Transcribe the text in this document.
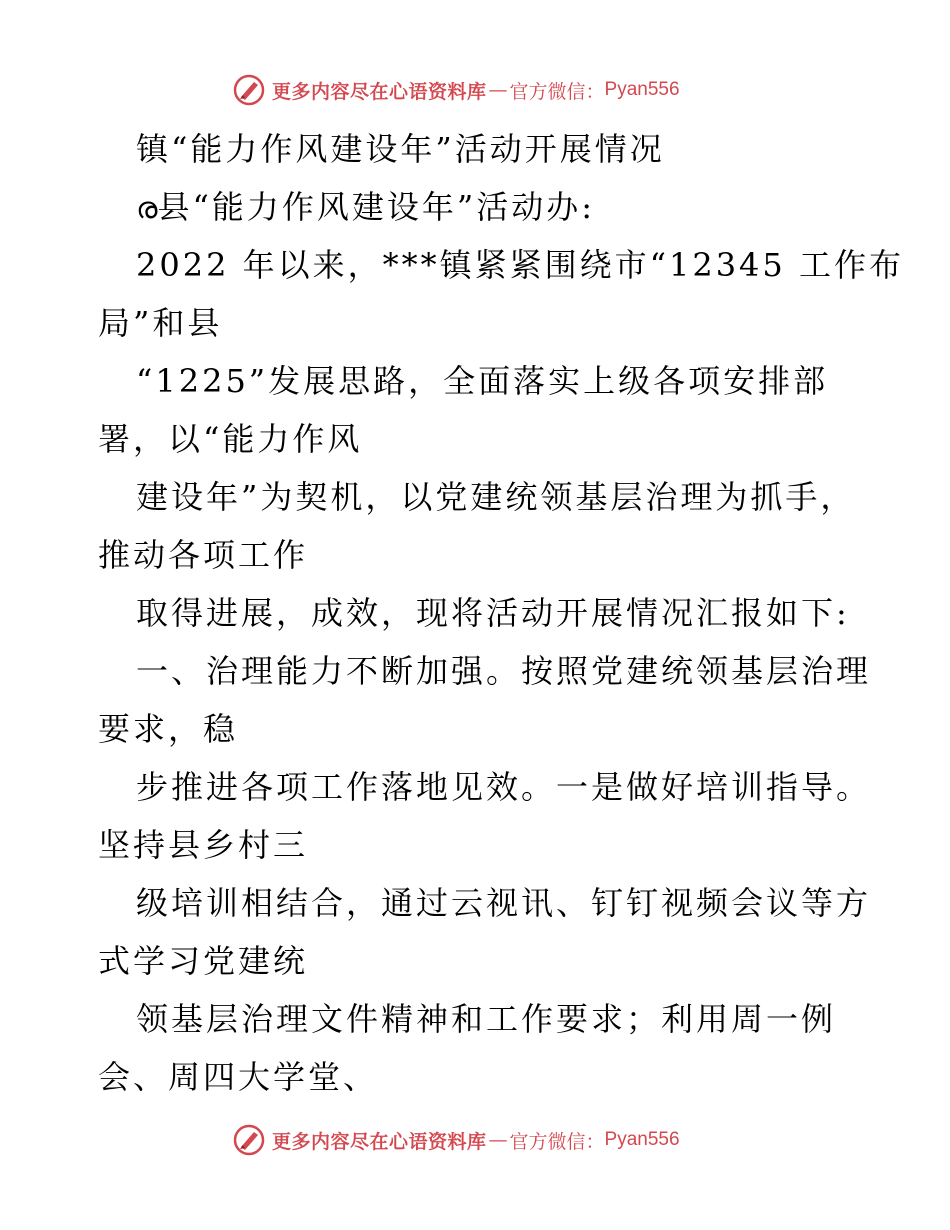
更多内容尽在心语资料库 — 官方微信： Pyan556
镇“能力作风建设年”活动开展情况
ര县“能力作风建设年”活动办:
2022 年以来，***镇紧紧围绕市“12345 工作布
局”和县
“1225”发展思路，全面落实上级各项安排部
署，以“能力作风
建设年”为契机，以党建统领基层治理为抓手，
推动各项工作
取得进展，成效，现将活动开展情况汇报如下:
一、治理能力不断加强。按照党建统领基层治理
要求，稳
步推进各项工作落地见效。一是做好培训指导。
坚持县乡村三
级培训相结合，通过云视讯、钉钉视频会议等方
式学习党建统
领基层治理文件精神和工作要求；利用周一例
会、周四大学堂、
更多内容尽在心语资料库 — 官方微信： Pyan556
